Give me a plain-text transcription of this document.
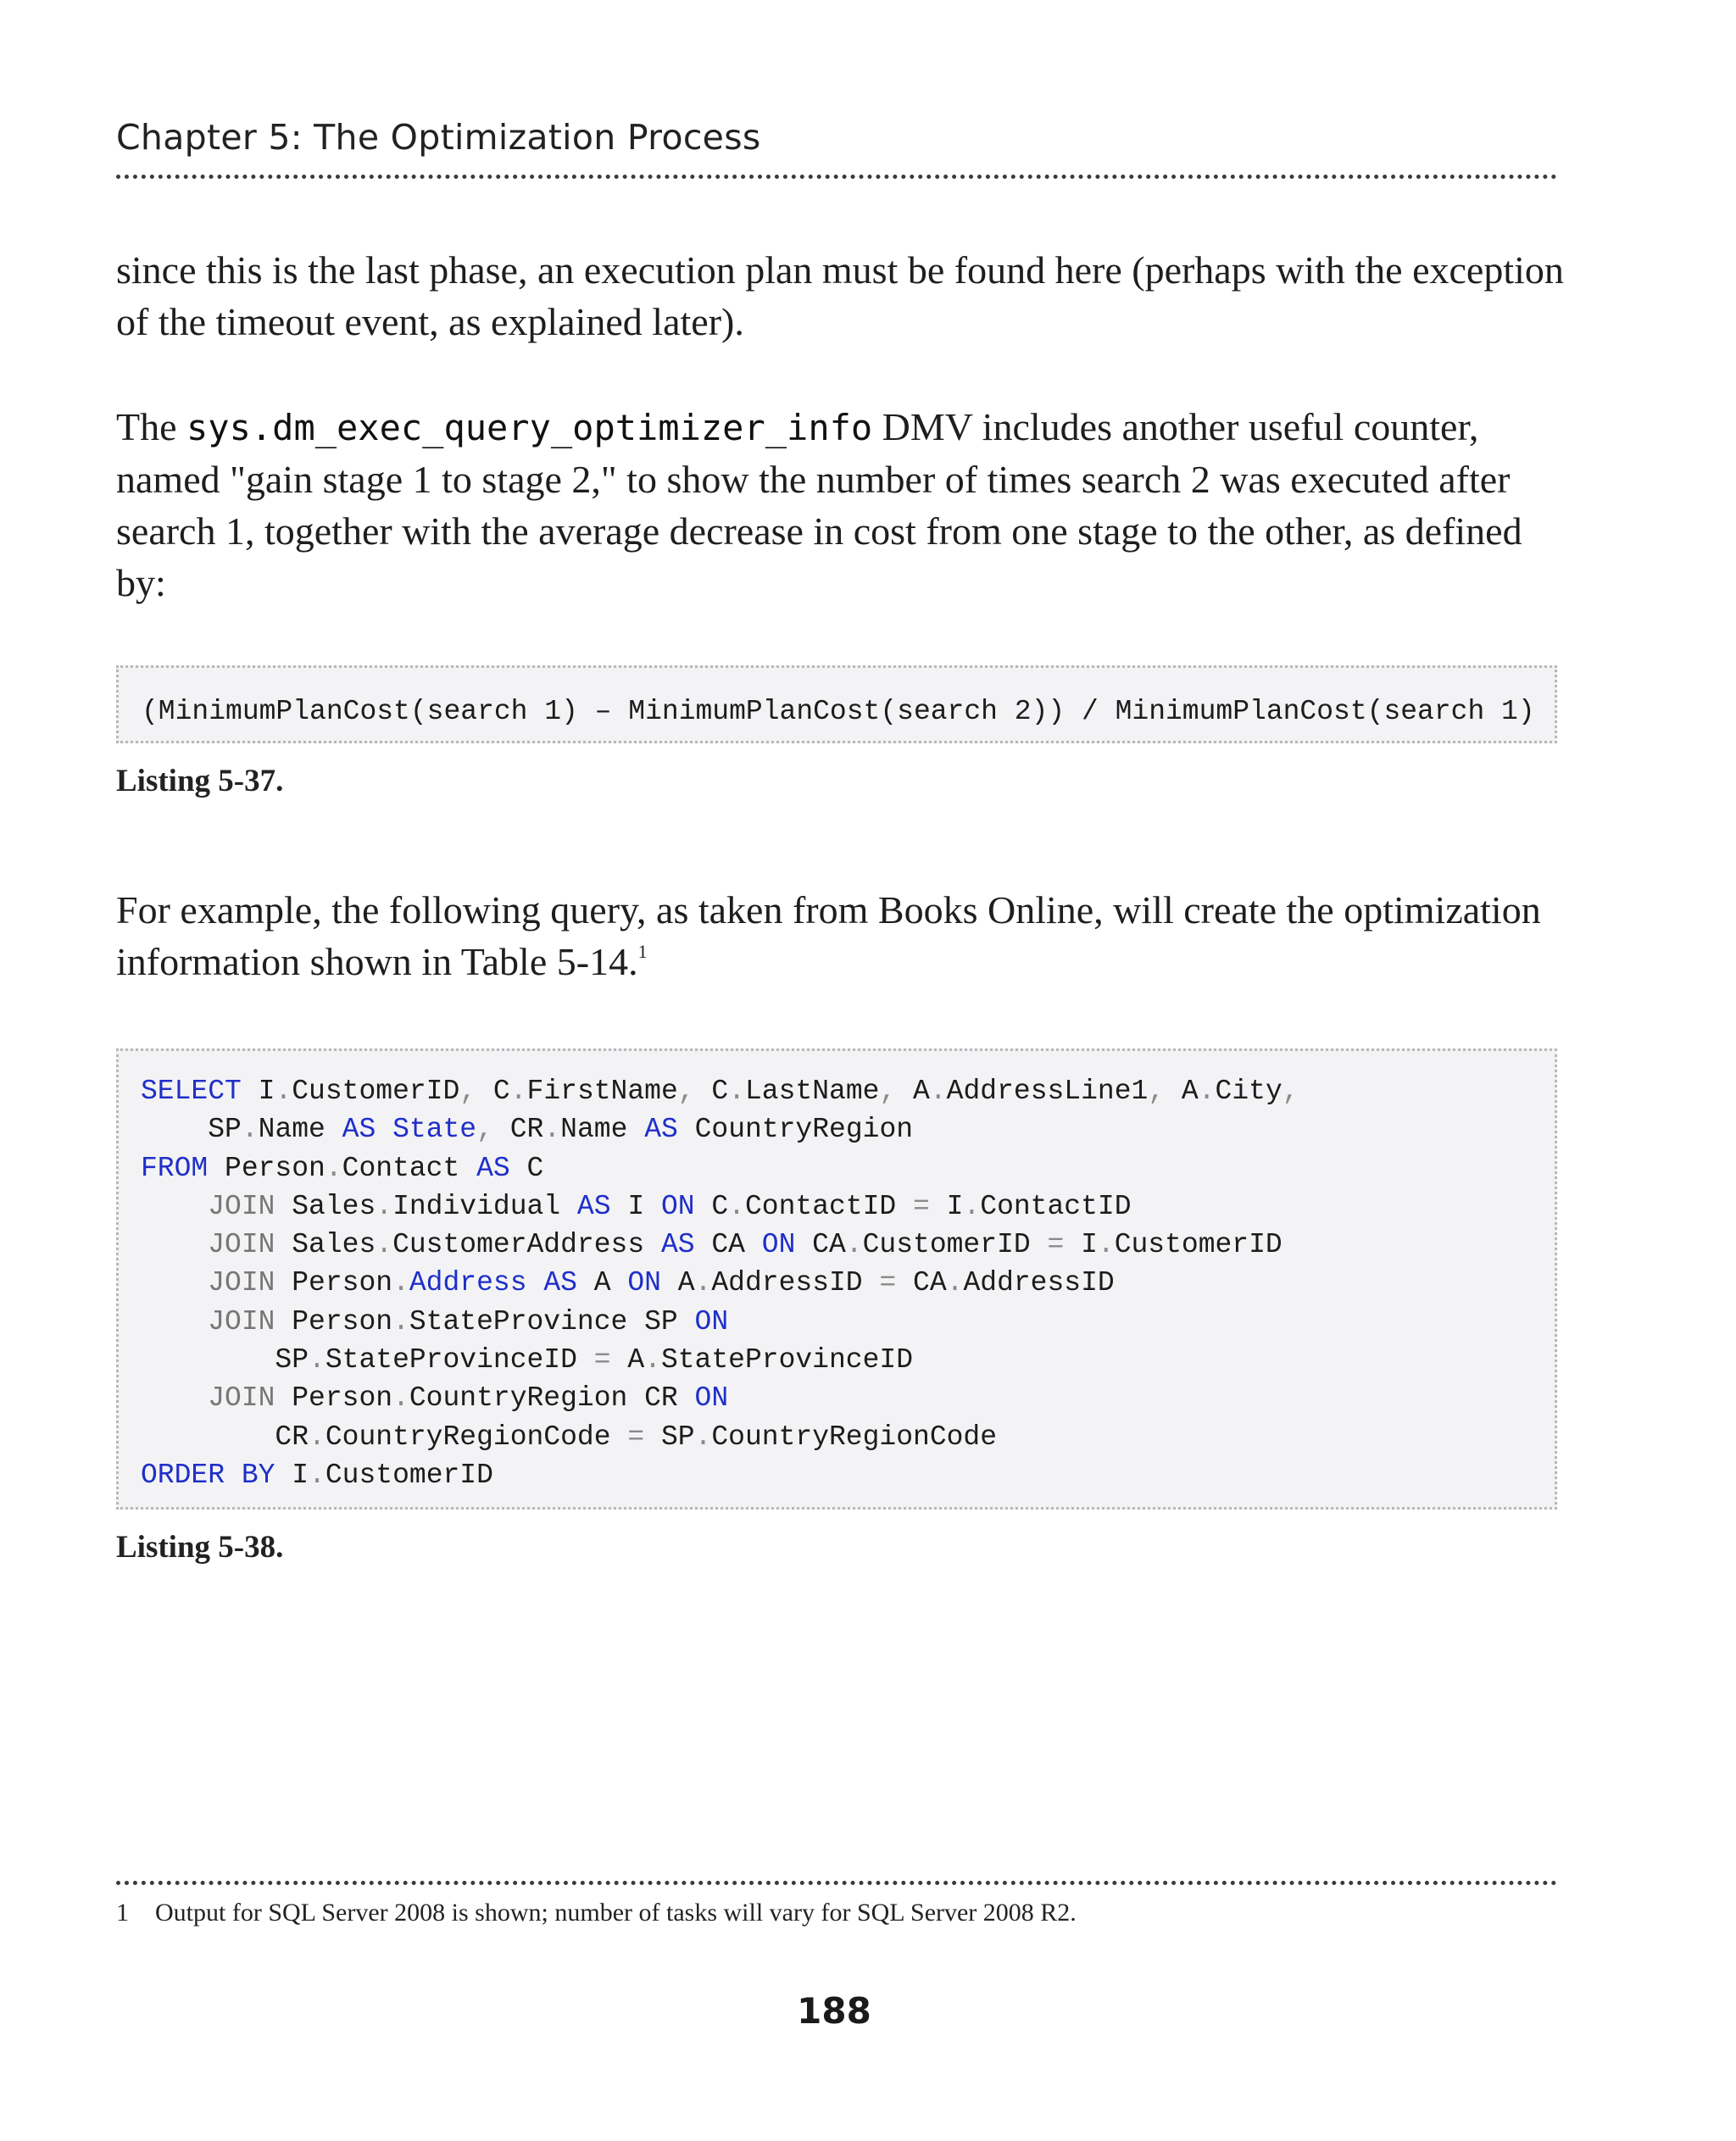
Chapter 5: The Optimization Process
since this is the last phase, an execution plan must be found here (perhaps with the exception of the timeout event, as explained later).
The sys.dm_exec_query_optimizer_info DMV includes another useful counter, named "gain stage 1 to stage 2," to show the number of times search 2 was executed after search 1, together with the average decrease in cost from one stage to the other, as defined by:
(MinimumPlanCost(search 1) – MinimumPlanCost(search 2)) / MinimumPlanCost(search 1)
Listing 5-37.
For example, the following query, as taken from Books Online, will create the optimization information shown in Table 5-14.$^1$
SELECT I.CustomerID, C.FirstName, C.LastName, A.AddressLine1, A.City,
SP.Name AS State, CR.Name AS CountryRegion
FROM Person.Contact AS C
JOIN Sales.Individual AS I ON C.ContactID = I.ContactID
JOIN Sales.CustomerAddress AS CA ON CA.CustomerID = I.CustomerID
JOIN Person.Address AS A ON A.AddressID = CA.AddressID
JOIN Person.StateProvince SP ON
SP.StateProvinceID = A.StateProvinceID
JOIN Person.CountryRegion CR ON
CR.CountryRegionCode = SP.CountryRegionCode
ORDER BY I.CustomerID
Listing 5-38.
1 Output for SQL Server 2008 is shown; number of tasks will vary for SQL Server 2008 R2.
188
